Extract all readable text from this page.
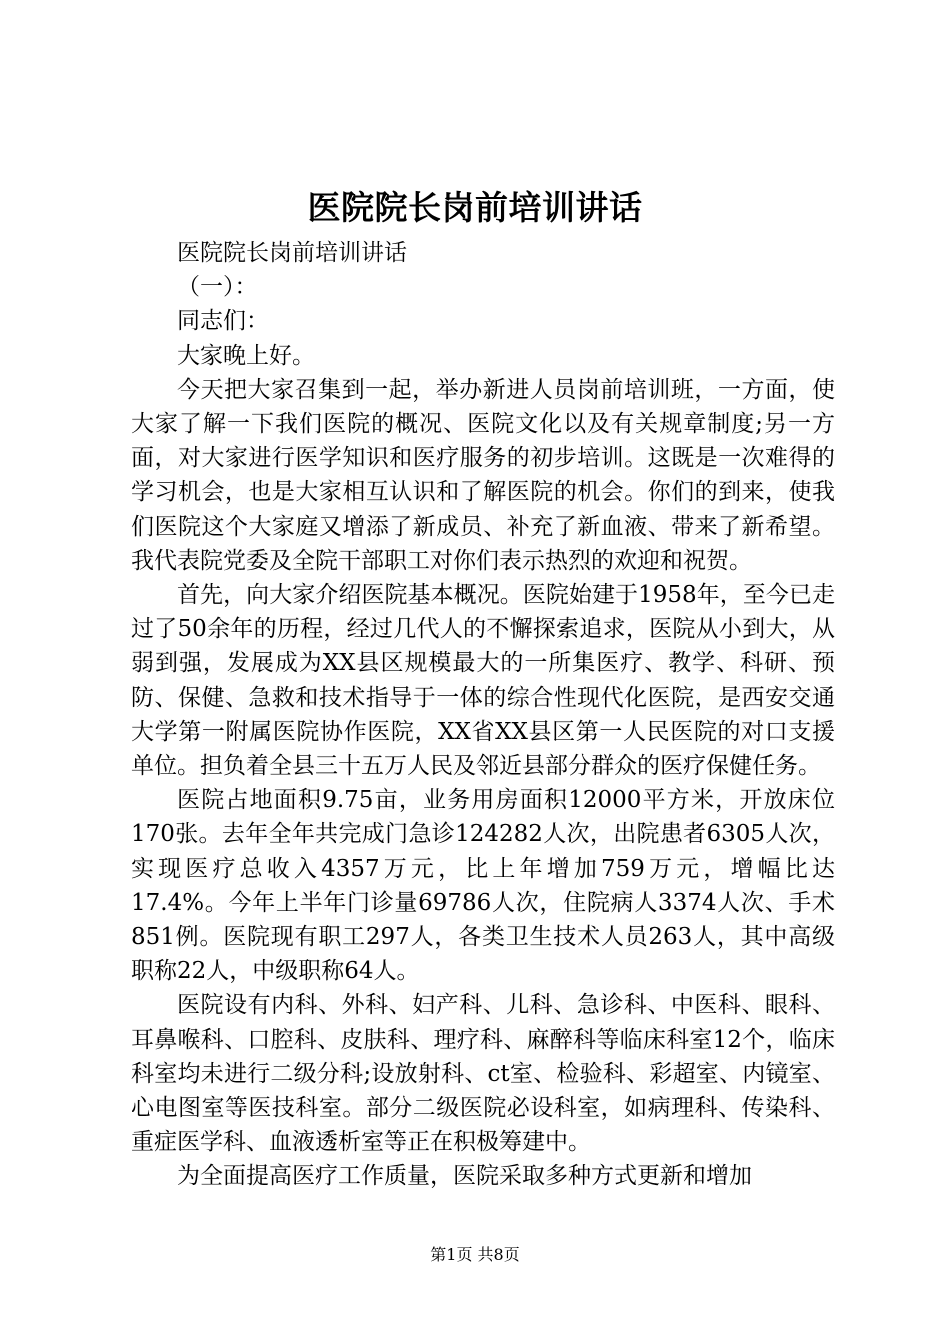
医院院长岗前培训讲话

医院院长岗前培训讲话

（一）：

同志们：

大家晚上好。

今天把大家召集到一起，举办新进人员岗前培训班，一方面，使大家了解一下我们医院的概况、医院文化以及有关规章制度;另一方面，对大家进行医学知识和医疗服务的初步培训。这既是一次难得的学习机会，也是大家相互认识和了解医院的机会。你们的到来，使我们医院这个大家庭又增添了新成员、补充了新血液、带来了新希望。我代表院党委及全院干部职工对你们表示热烈的欢迎和祝贺。

首先，向大家介绍医院基本概况。医院始建于1958年，至今已走过了50余年的历程，经过几代人的不懈探索追求，医院从小到大，从弱到强，发展成为XX县区规模最大的一所集医疗、教学、科研、预防、保健、急救和技术指导于一体的综合性现代化医院，是西安交通大学第一附属医院协作医院，XX省XX县区第一人民医院的对口支援单位。担负着全县三十五万人民及邻近县部分群众的医疗保健任务。

医院占地面积9.75亩，业务用房面积12000平方米，开放床位170张。去年全年共完成门急诊124282人次，出院患者6305人次，实现医疗总收入4357万元，比上年增加759万元，增幅比达17.4%。今年上半年门诊量69786人次，住院病人3374人次、手术851例。医院现有职工297人，各类卫生技术人员263人，其中高级职称22人，中级职称64人。

医院设有内科、外科、妇产科、儿科、急诊科、中医科、眼科、耳鼻喉科、口腔科、皮肤科、理疗科、麻醉科等临床科室12个，临床科室均未进行二级分科;设放射科、ct室、检验科、彩超室、内镜室、心电图室等医技科室。部分二级医院必设科室，如病理科、传染科、重症医学科、血液透析室等正在积极筹建中。

为全面提高医疗工作质量，医院采取多种方式更新和增加

第1页 共8页
